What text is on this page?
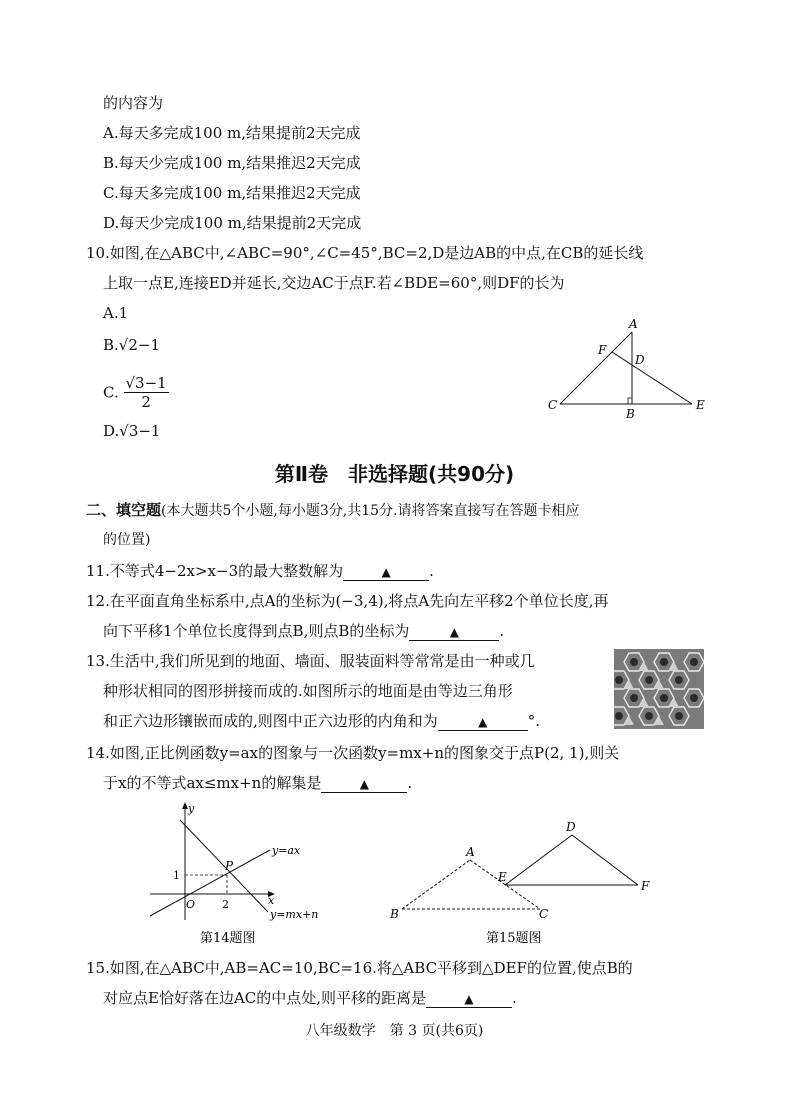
的内容为
A.每天多完成100 m,结果提前2天完成
B.每天少完成100 m,结果推迟2天完成
C.每天多完成100 m,结果推迟2天完成
D.每天少完成100 m,结果提前2天完成
10.如图,在△ABC中,∠ABC=90°,∠C=45°,BC=2,D是边AB的中点,在CB的延长线
上取一点E,连接ED并延长,交边AC于点F.若∠BDE=60°,则DF的长为
A.1
B.√2−1
C. $\frac{√3-1}{2}$
D.√3−1
A
F
D
C
B
E
第Ⅱ卷　非选择题(共90分)
二、填空题(本大题共5个小题,每小题3分,共15分.请将答案直接写在答题卡相应
的位置)
11.不等式4−2x>x−3的最大整数解为	▲	.
12.在平面直角坐标系中,点A的坐标为(−3,4),将点A先向左平移2个单位长度,再
向下平移1个单位长度得到点B,则点B的坐标为	▲	.
13.生活中,我们所见到的地面、墙面、服装面料等常常是由一种或几
种形状相同的图形拼接而成的.如图所示的地面是由等边三角形
和正六边形镶嵌而成的,则图中正六边形的内角和为	▲	°.
14.如图,正比例函数y=ax的图象与一次函数y=mx+n的图象交于点P(2, 1),则关
于x的不等式ax≤mx+n的解集是	▲	.
y
x
O
1
2
P
y=ax
y=mx+n
第14题图
A
B	C
D
E
F
第15题图
15.如图,在△ABC中,AB=AC=10,BC=16.将△ABC平移到△DEF的位置,使点B的
对应点E恰好落在边AC的中点处,则平移的距离是	▲	.
八年级数学　第 3 页(共6页)
